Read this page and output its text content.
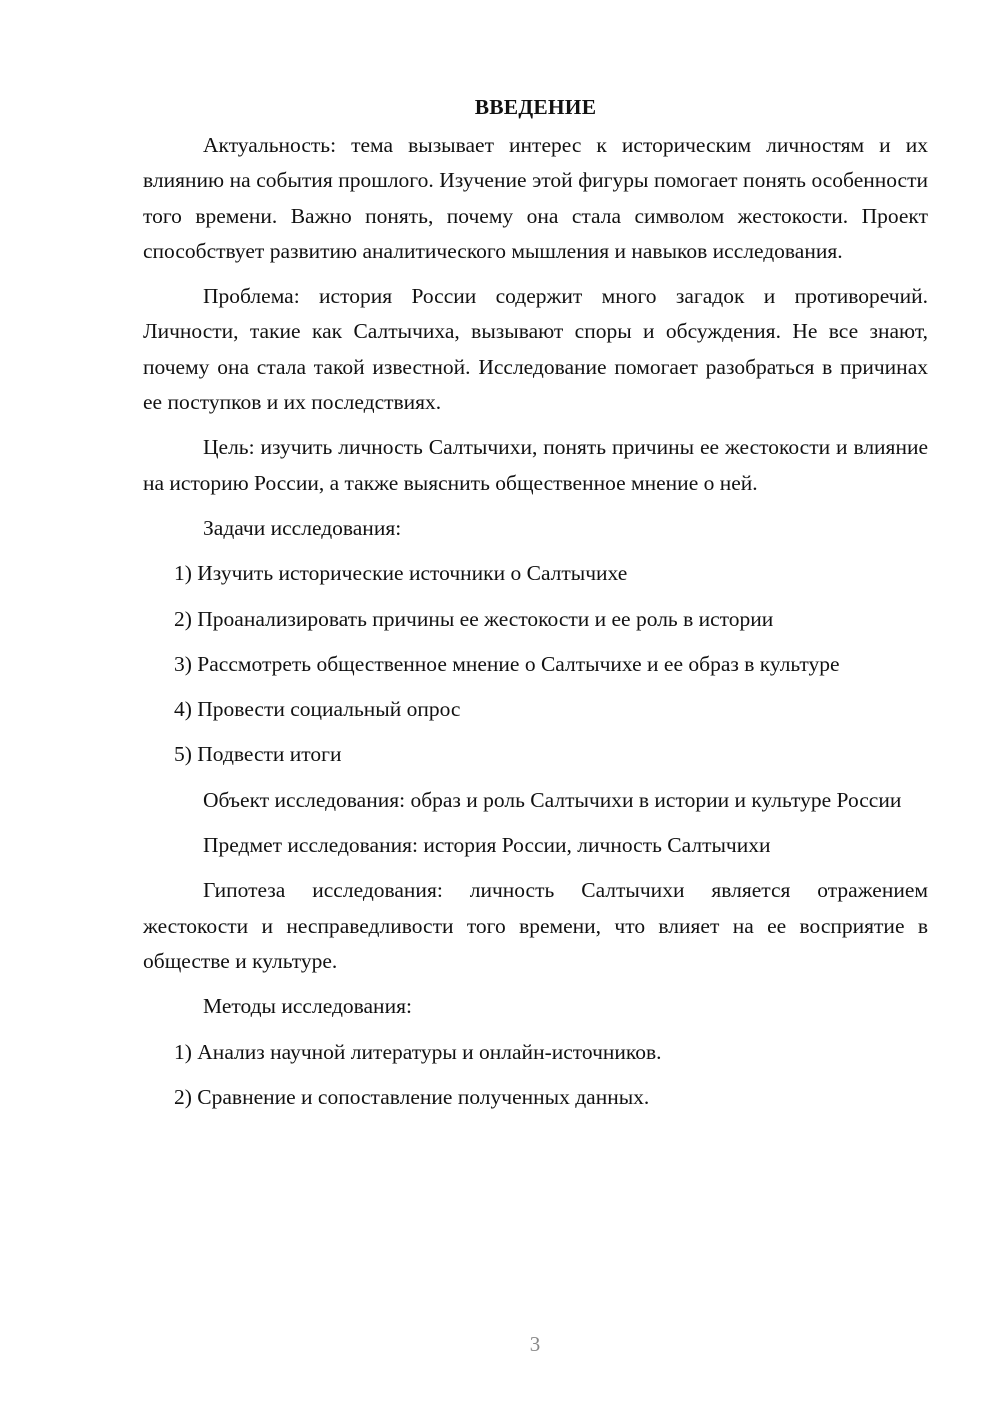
ВВЕДЕНИЕ
Актуальность: тема вызывает интерес к историческим личностям и их влиянию на события прошлого. Изучение этой фигуры помогает понять особенности того времени. Важно понять, почему она стала символом жестокости. Проект способствует развитию аналитического мышления и навыков исследования.
Проблема: история России содержит много загадок и противоречий. Личности, такие как Салтычиха, вызывают споры и обсуждения. Не все знают, почему она стала такой известной. Исследование помогает разобраться в причинах ее поступков и их последствиях.
Цель: изучить личность Салтычихи, понять причины ее жестокости и влияние на историю России, а также выяснить общественное мнение о ней.
Задачи исследования:
1) Изучить исторические источники о Салтычихе
2) Проанализировать причины ее жестокости и ее роль в истории
3) Рассмотреть общественное мнение о Салтычихе и ее образ в культуре
4) Провести социальный опрос
5) Подвести итоги
Объект исследования: образ и роль Салтычихи в истории и культуре России
Предмет исследования: история России, личность Салтычихи
Гипотеза исследования: личность Салтычихи является отражением жестокости и несправедливости того времени, что влияет на ее восприятие в обществе и культуре.
Методы исследования:
1) Анализ научной литературы и онлайн-источников.
2) Сравнение и сопоставление полученных данных.
3
